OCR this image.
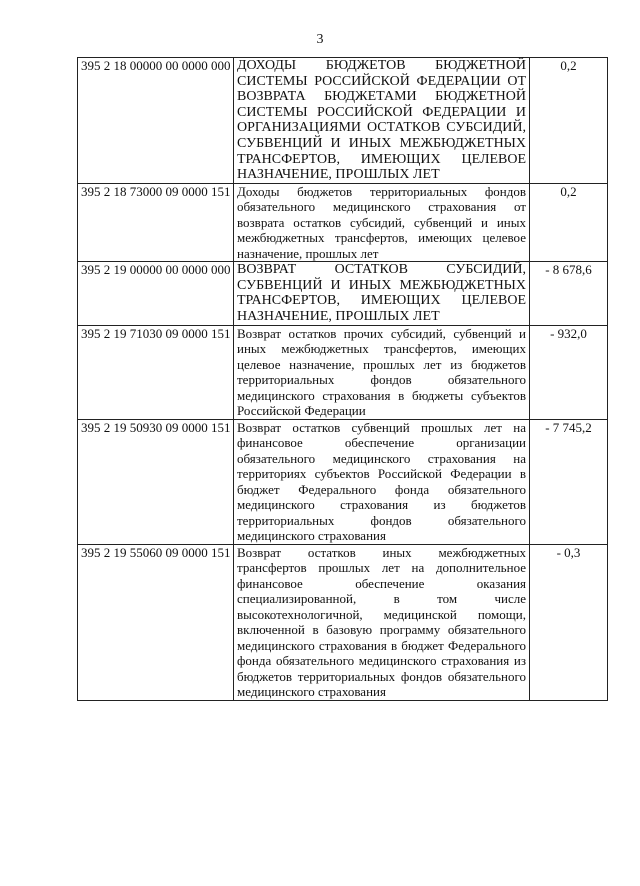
3
395 2 18 00000 00 0000 000	ДОХОДЫ БЮДЖЕТОВ БЮДЖЕТНОЙ СИСТЕМЫ РОССИЙСКОЙ ФЕДЕРАЦИИ ОТ ВОЗВРАТА БЮДЖЕТАМИ БЮДЖЕТНОЙ СИСТЕМЫ РОССИЙСКОЙ ФЕДЕРАЦИИ И ОРГАНИЗАЦИЯМИ ОСТАТКОВ СУБСИДИЙ, СУБВЕНЦИЙ И ИНЫХ МЕЖБЮДЖЕТНЫХ ТРАНСФЕРТОВ, ИМЕЮЩИХ ЦЕЛЕВОЕ НАЗНАЧЕНИЕ, ПРОШЛЫХ ЛЕТ	0,2
395 2 18 73000 09 0000 151	Доходы бюджетов территориальных фондов обязательного медицинского страхования от возврата остатков субсидий, субвенций и иных межбюджетных трансфертов, имеющих целевое назначение, прошлых лет	0,2
395 2 19 00000 00 0000 000	ВОЗВРАТ ОСТАТКОВ СУБСИДИЙ, СУБВЕНЦИЙ И ИНЫХ МЕЖБЮДЖЕТНЫХ ТРАНСФЕРТОВ, ИМЕЮЩИХ ЦЕЛЕВОЕ НАЗНАЧЕНИЕ, ПРОШЛЫХ ЛЕТ	- 8 678,6
395 2 19 71030 09 0000 151	Возврат остатков прочих субсидий, субвенций и иных межбюджетных трансфертов, имеющих целевое назначение, прошлых лет из бюджетов территориальных фондов обязательного медицинского страхования в бюджеты субъектов Российской Федерации	- 932,0
395 2 19 50930 09 0000 151	Возврат остатков субвенций прошлых лет на финансовое обеспечение организации обязательного медицинского страхования на территориях субъектов Российской Федерации в бюджет Федерального фонда обязательного медицинского страхования из бюджетов территориальных фондов обязательного медицинского страхования	- 7 745,2
395 2 19 55060 09 0000 151	Возврат остатков иных межбюджетных трансфертов прошлых лет на дополнительное финансовое обеспечение оказания специализированной, в том числе высокотехнологичной, медицинской помощи, включенной в базовую программу обязательного медицинского страхования в бюджет Федерального фонда обязательного медицинского страхования из бюджетов территориальных фондов обязательного медицинского страхования	- 0,3
